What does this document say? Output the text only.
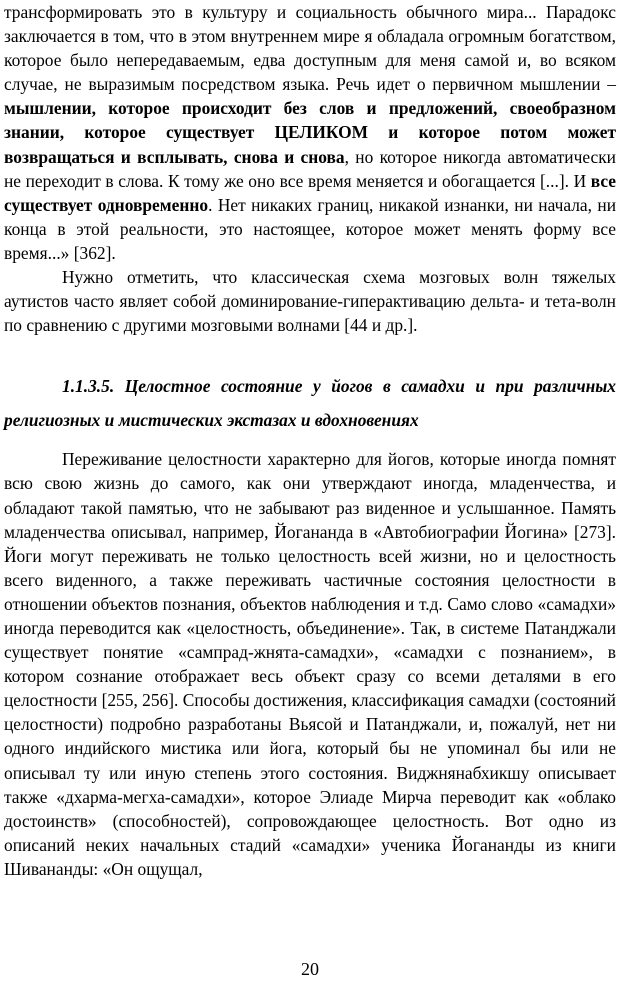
трансформировать это в культуру и социальность обычного мира... Парадокс заключается в том, что в этом внутреннем мире я обладала огромным богатством, которое было непередаваемым, едва доступным для меня самой и, во всяком случае, не выразимым посредством языка. Речь идет о первичном мышлении – мышлении, которое происходит без слов и предложений, своеобразном знании, которое существует ЦЕЛИКОМ и которое потом может возвращаться и всплывать, снова и снова, но которое никогда автоматически не переходит в слова. К тому же оно все время меняется и обогащается [...]. И все существует одновременно. Нет никаких границ, никакой изнанки, ни начала, ни конца в этой реальности, это настоящее, которое может менять форму все время...» [362].

Нужно отметить, что классическая схема мозговых волн тяжелых аутистов часто являет собой доминирование-гиперактивацию дельта- и тета-волн по сравнению с другими мозговыми волнами [44 и др.].

1.1.3.5. Целостное состояние у йогов в самадхи и при различных религиозных и мистических экстазах и вдохновениях

Переживание целостности характерно для йогов, которые иногда помнят всю свою жизнь до самого, как они утверждают иногда, младенчества, и обладают такой памятью, что не забывают раз виденное и услышанное. Память младенчества описывал, например, Йогананда в «Автобиографии Йогина» [273]. Йоги могут переживать не только целостность всей жизни, но и целостность всего виденного, а также переживать частичные состояния целостности в отношении объектов познания, объектов наблюдения и т.д. Само слово «самадхи» иногда переводится как «целостность, объединение». Так, в системе Патанджали существует понятие «сампрад-жнята-самадхи», «самадхи с познанием», в котором сознание отображает весь объект сразу со всеми деталями в его целостности [255, 256]. Способы достижения, классификация самадхи (состояний целостности) подробно разработаны Вьясой и Патанджали, и, пожалуй, нет ни одного индийского мистика или йога, который бы не упоминал бы или не описывал ту или иную степень этого состояния. Виджнянабхикшу описывает также «дхарма-мегха-самадхи», которое Элиаде Мирча переводит как «облако достоинств» (способностей), сопровождающее целостность. Вот одно из описаний неких начальных стадий «самадхи» ученика Йогананды из книги Шивананды: «Он ощущал,

20
